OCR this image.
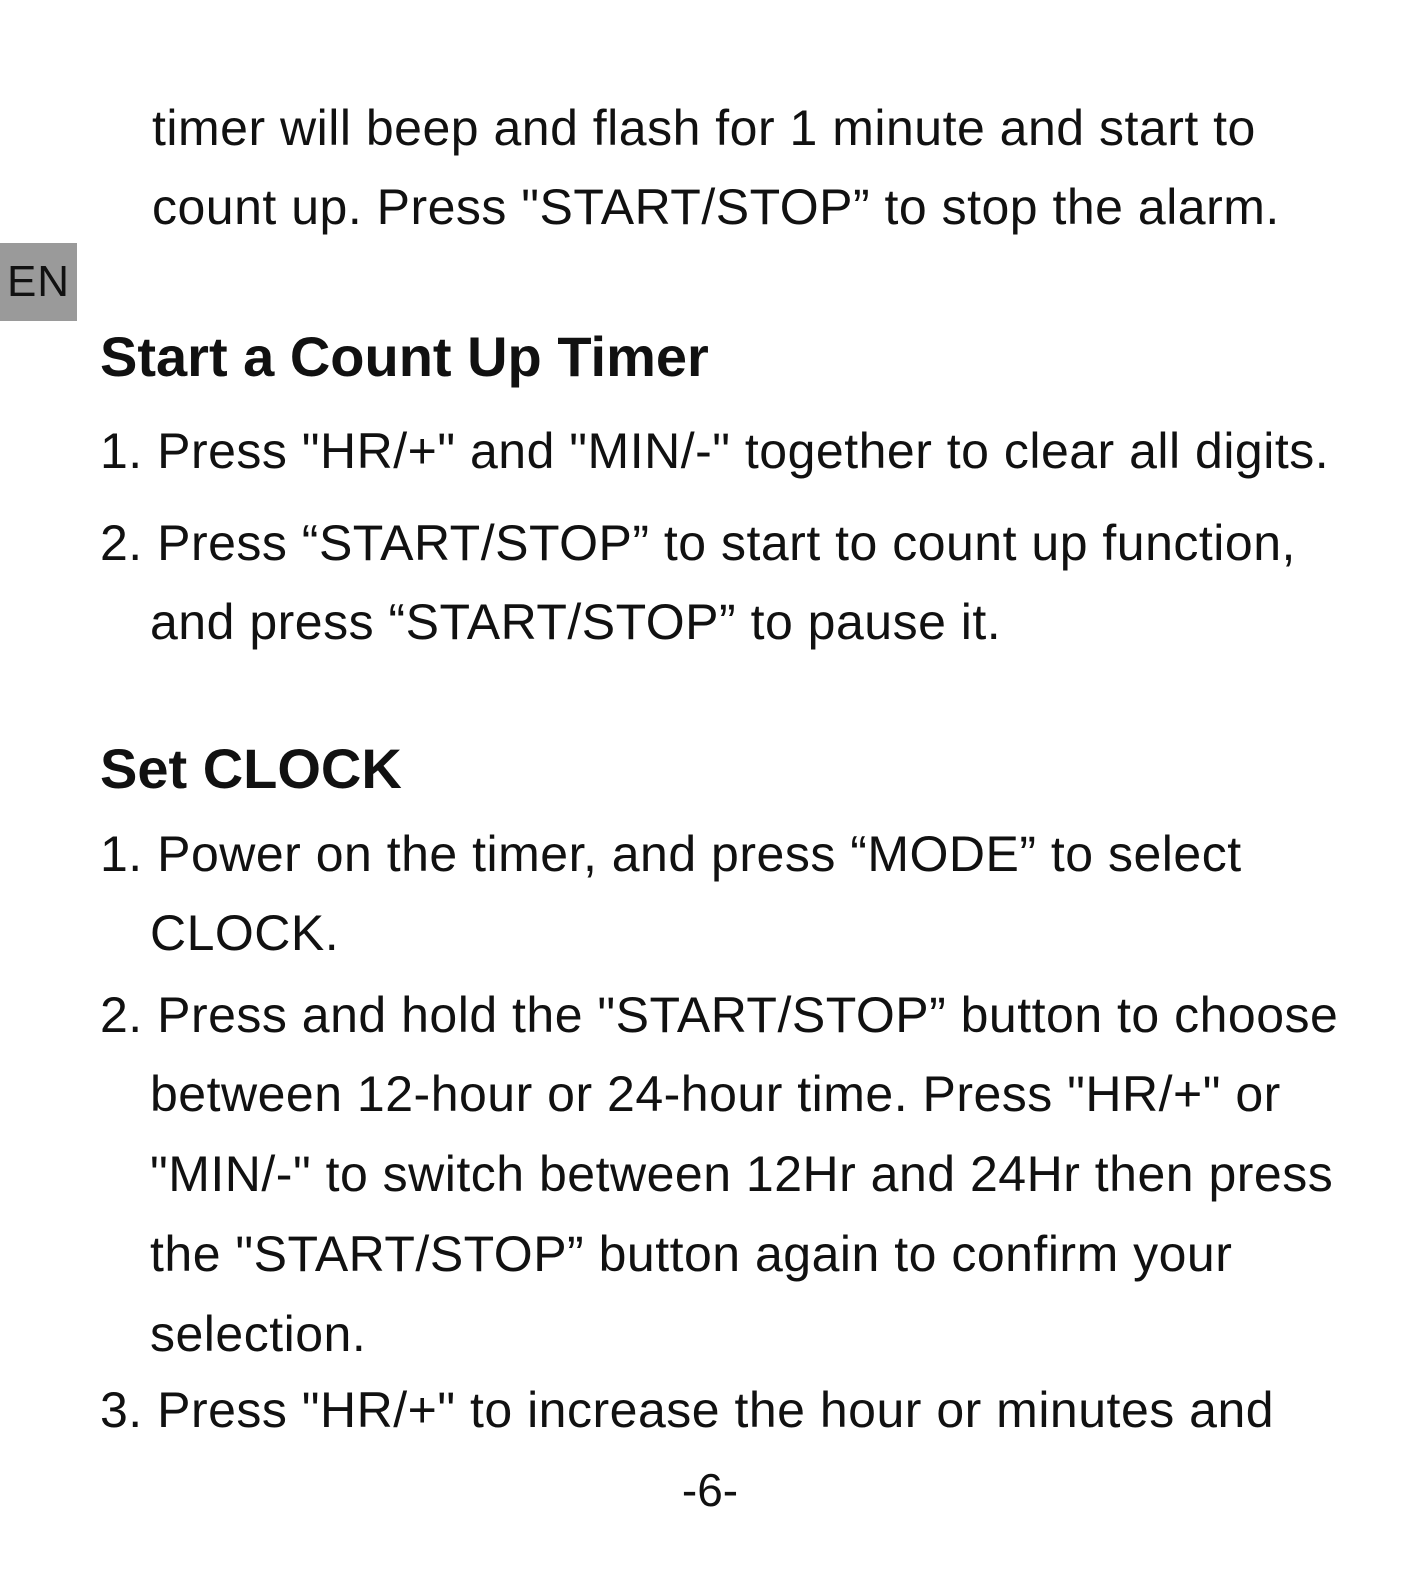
EN
timer will beep and flash for 1 minute and start to
count up. Press "START/STOP” to stop the alarm.
Start a Count Up Timer
1. Press "HR/+" and "MIN/-" together to clear all digits.
2. Press “START/STOP” to start to count up function,
and press “START/STOP” to pause it.
Set CLOCK
1. Power on the timer, and press “MODE” to select
CLOCK.
2. Press and hold the "START/STOP” button to choose
between 12-hour or 24-hour time. Press "HR/+" or
"MIN/-" to switch between 12Hr and 24Hr then press
the "START/STOP” button again to confirm your
selection.
3. Press "HR/+" to increase the hour or minutes and
-6-
